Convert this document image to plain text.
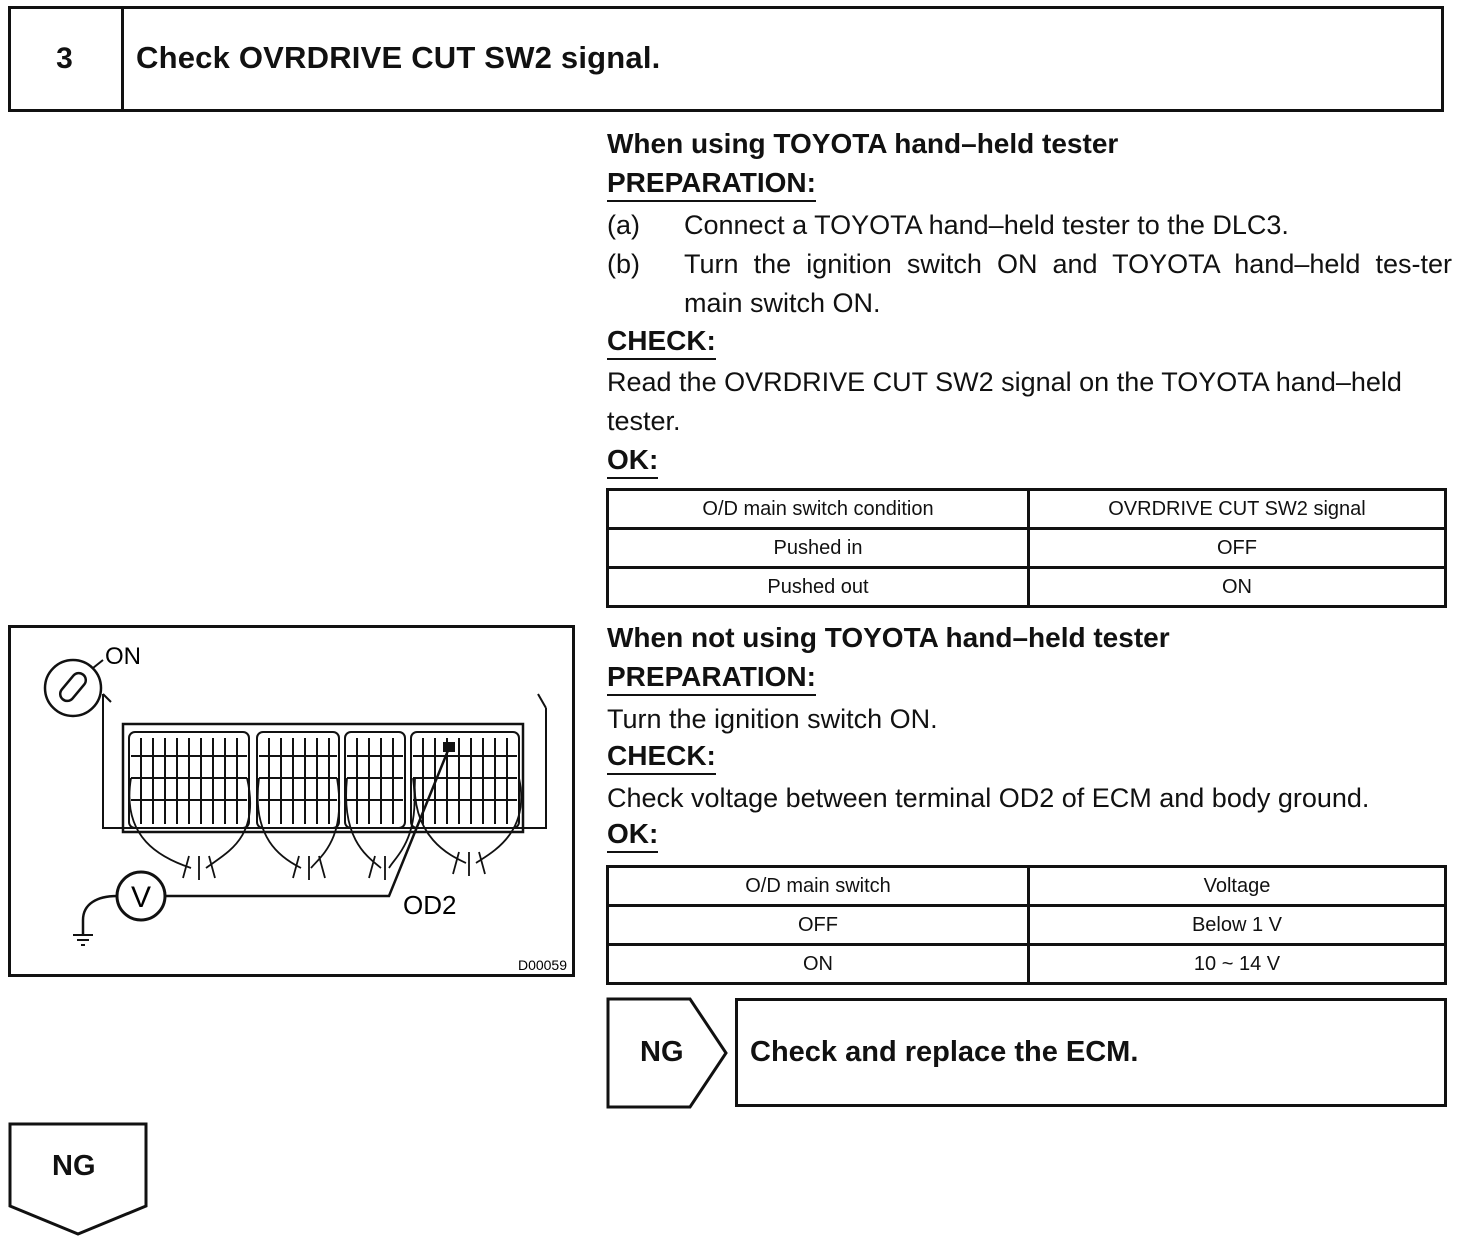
3	Check OVRDRIVE CUT SW2 signal.
When using TOYOTA hand–held tester
PREPARATION:
(a) Connect a TOYOTA hand–held tester to the DLC3.
(b) Turn the ignition switch ON and TOYOTA hand–held tes-ter main switch ON.
CHECK:
Read the OVRDRIVE CUT SW2 signal on the TOYOTA hand–held tester.
OK:
O/D main switch condition	OVRDRIVE CUT SW2 signal
Pushed in	OFF
Pushed out	ON
When not using TOYOTA hand–held tester
PREPARATION:
Turn the ignition switch ON.
CHECK:
Check voltage between terminal OD2 of ECM and body ground.
OK:
O/D main switch	Voltage
OFF	Below 1 V
ON	10 ~ 14 V
ON
V	OD2
D00059
NG Check and replace the ECM.
NG
